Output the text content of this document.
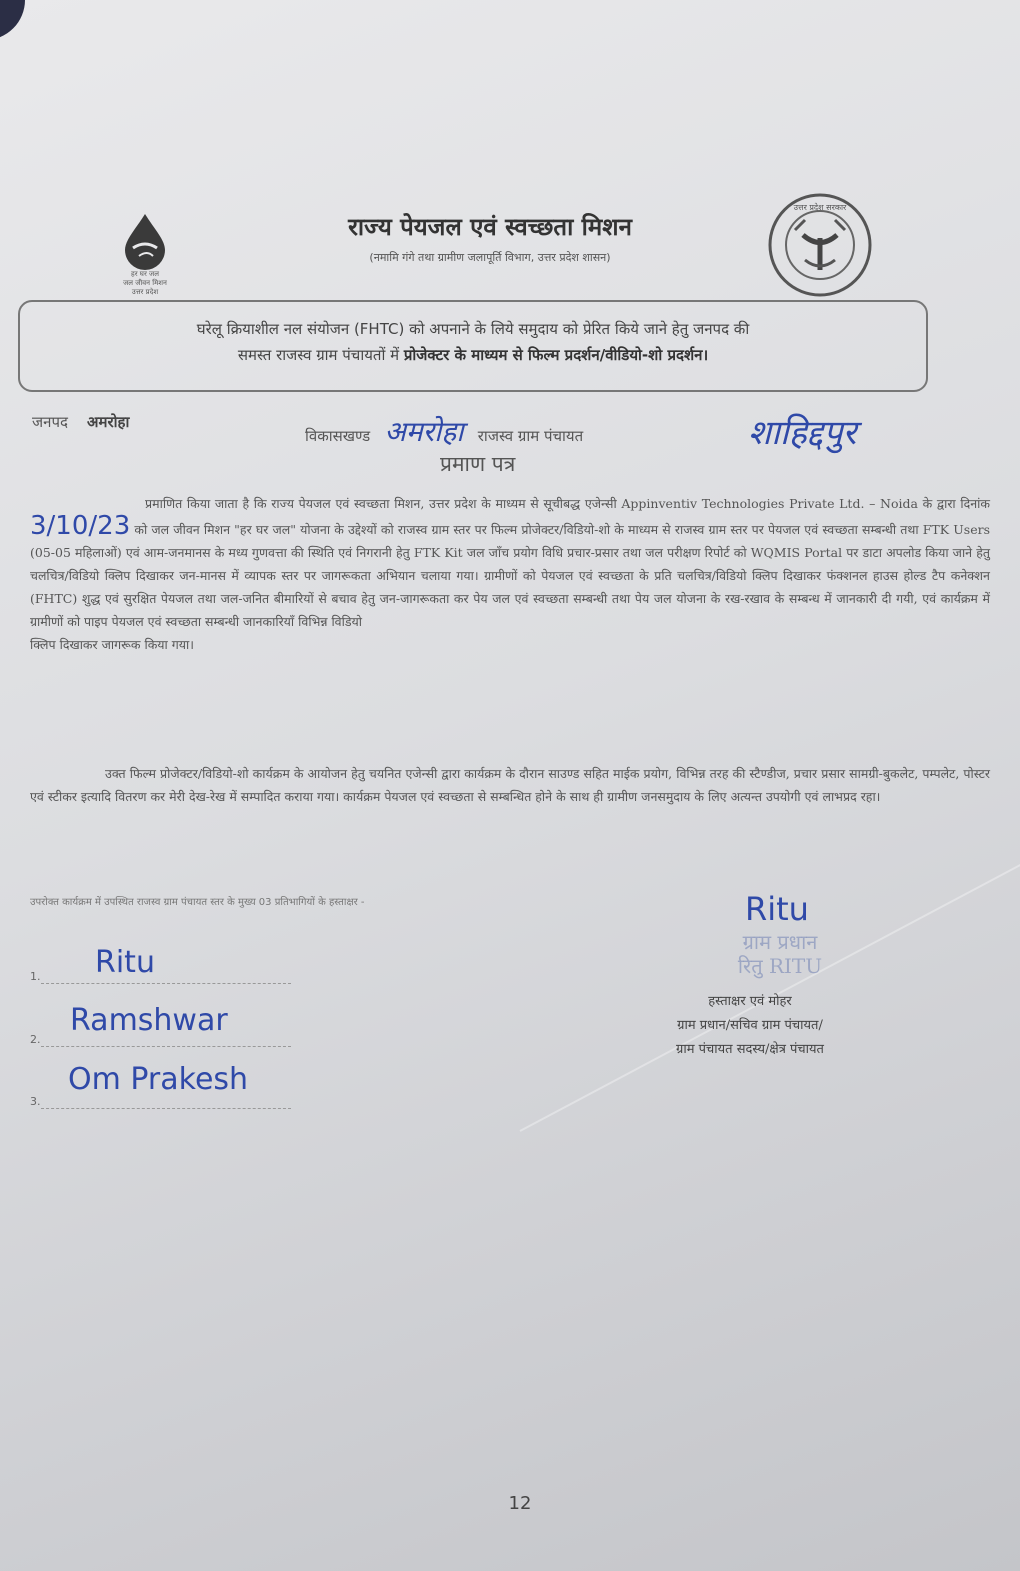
हर घर जल
जल जीवन मिशन
उत्तर प्रदेश
राज्य पेयजल एवं स्वच्छता मिशन
(नमामि गंगे तथा ग्रामीण जलापूर्ति विभाग, उत्तर प्रदेश शासन)
उत्तर प्रदेश सरकार
घरेलू क्रियाशील नल संयोजन (FHTC) को अपनाने के लिये समुदाय को प्रेरित किये जाने हेतु जनपद की
समस्त राजस्व ग्राम पंचायतों में प्रोजेक्टर के माध्यम से फिल्म प्रदर्शन/वीडियो-शो प्रदर्शन।
जनपद अमरोहा
विकासखण्ड अमरोहा राजस्व ग्राम पंचायत	शाहिद्दपुर
प्रमाण पत्र
प्रमाणित किया जाता है कि राज्य पेयजल एवं स्वच्छता मिशन, उत्तर प्रदेश के माध्यम से सूचीबद्ध एजेन्सी Appinventiv Technologies Private Ltd. – Noida के द्वारा दिनांक 3/10/23 को जल जीवन मिशन "हर घर जल" योजना के उद्देश्यों को राजस्व ग्राम स्तर पर फिल्म प्रोजेक्टर/विडियो-शो के माध्यम से राजस्व ग्राम स्तर पर पेयजल एवं स्वच्छता सम्बन्धी तथा FTK Users (05-05 महिलाओं) एवं आम-जनमानस के मध्य गुणवत्ता की स्थिति एवं निगरानी हेतु FTK Kit जल जाँच प्रयोग विधि प्रचार-प्रसार तथा जल परीक्षण रिपोर्ट को WQMIS Portal पर डाटा अपलोड किया जाने हेतु चलचित्र/विडियो क्लिप दिखाकर जन-मानस में व्यापक स्तर पर जागरूकता अभियान चलाया गया। ग्रामीणों को पेयजल एवं स्वच्छता के प्रति चलचित्र/विडियो क्लिप दिखाकर फंक्शनल हाउस होल्ड टैप कनेक्शन (FHTC) शुद्ध एवं सुरक्षित पेयजल तथा जल-जनित बीमारियों से बचाव हेतु जन-जागरूकता कर पेय जल एवं स्वच्छता सम्बन्धी तथा पेय जल योजना के रख-रखाव के सम्बन्ध में जानकारी दी गयी, एवं कार्यक्रम में ग्रामीणों को पाइप पेयजल एवं स्वच्छता सम्बन्धी जानकारियाँ विभिन्न विडियो
क्लिप दिखाकर जागरूक किया गया।
उक्त फिल्म प्रोजेक्टर/विडियो-शो कार्यक्रम के आयोजन हेतु चयनित एजेन्सी द्वारा कार्यक्रम के दौरान साउण्ड सहित माईक प्रयोग, विभिन्न तरह की स्टैण्डीज, प्रचार प्रसार सामग्री-बुकलेट, पम्पलेट, पोस्टर एवं स्टीकर इत्यादि वितरण कर मेरी देख-रेख में सम्पादित कराया गया। कार्यक्रम पेयजल एवं स्वच्छता से सम्बन्धित होने के साथ ही ग्रामीण जनसमुदाय के लिए अत्यन्त उपयोगी एवं लाभप्रद रहा।
उपरोक्त कार्यक्रम में उपस्थित राजस्व ग्राम पंचायत स्तर के मुख्य 03 प्रतिभागियों के हस्ताक्षर -
1.	Ritu
2.
Ramshwar
3.
Om Prakesh
Ritu
ग्राम प्रधान
रितु RITU
हस्ताक्षर एवं मोहर
ग्राम प्रधान/सचिव ग्राम पंचायत/
ग्राम पंचायत सदस्य/क्षेत्र पंचायत
12
